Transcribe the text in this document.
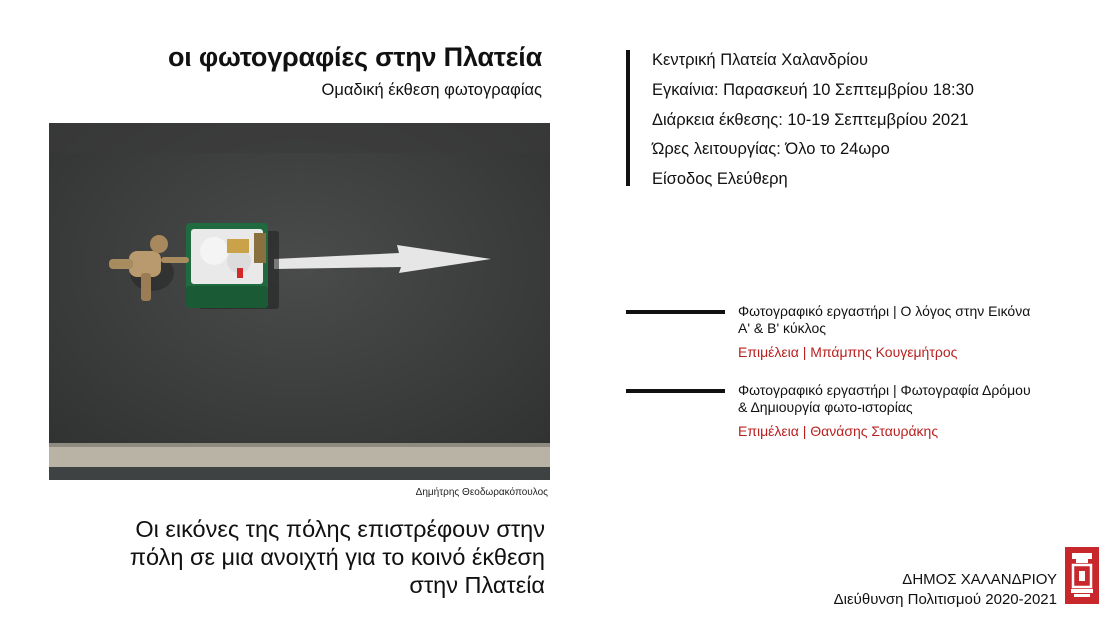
οι φωτογραφίες στην Πλατεία
Ομαδική έκθεση φωτογραφίας
Δημήτρης Θεοδωρακόπουλος
Οι εικόνες της πόλης επιστρέφουν στην
πόλη σε μια ανοιχτή για το κοινό έκθεση
στην Πλατεία
Κεντρική Πλατεία Χαλανδρίου
Εγκαίνια: Παρασκευή 10 Σεπτεμβρίου 18:30
Διάρκεια έκθεσης: 10-19 Σεπτεμβρίου 2021
Ώρες λειτουργίας: Όλο το 24ωρο
Είσοδος Ελεύθερη
Φωτογραφικό εργαστήρι | Ο λόγος στην Εικόνα Α' & Β' κύκλος
Επιμέλεια | Μπάμπης Κουγεμήτρος
Φωτογραφικό εργαστήρι | Φωτογραφία Δρόμου & Δημιουργία φωτο-ιστορίας
Επιμέλεια | Θανάσης Σταυράκης
ΔΗΜΟΣ ΧΑΛΑΝΔΡΙΟΥ
Διεύθυνση Πολιτισμού 2020-2021
